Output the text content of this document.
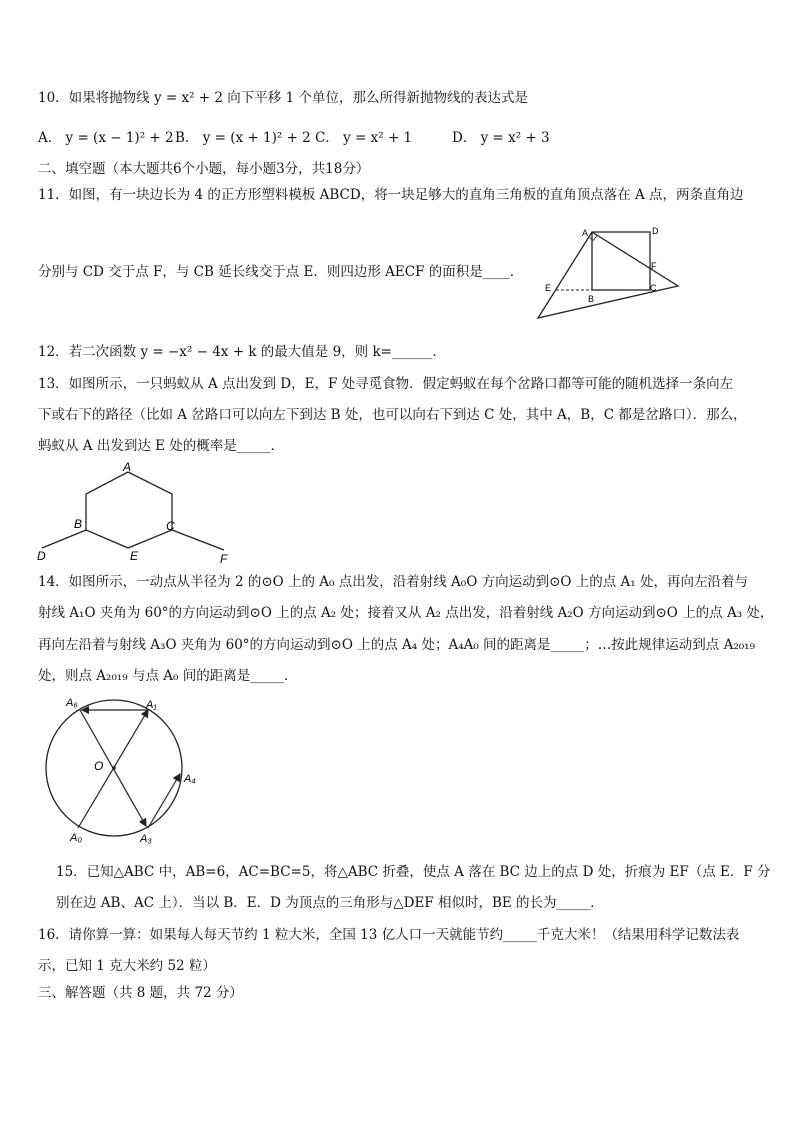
10．如果将抛物线 y = x² + 2 向下平移 1 个单位，那么所得新抛物线的表达式是
A． y = (x − 1)² + 2 B． y = (x + 1)² + 2 C． y = x² + 1	D． y = x² + 3
二、填空题（本大题共6个小题，每小题3分，共18分）
11．如图，有一块边长为 4 的正方形塑料模板 ABCD，将一块足够大的直角三角板的直角顶点落在 A 点，两条直角边
分别与 CD 交于点 F，与 CB 延长线交于点 E．则四边形 AECF 的面积是____．
A	D
F
C
B
E
12．若二次函数 y = −x² − 4x + k 的最大值是 9，则 k=______．
13．如图所示，一只蚂蚁从 A 点出发到 D，E，F 处寻觅食物．假定蚂蚁在每个岔路口都等可能的随机选择一条向左
下或右下的路径（比如 A 岔路口可以向左下到达 B 处，也可以向右下到达 C 处，其中 A，B，C 都是岔路口）．那么，
蚂蚁从 A 出发到达 E 处的概率是_____．
A
B	C
D	E	F
14．如图所示，一动点从半径为 2 的⊙O 上的 A₀ 点出发，沿着射线 A₀O 方向运动到⊙O 上的点 A₁ 处，再向左沿着与
射线 A₁O 夹角为 60°的方向运动到⊙O 上的点 A₂ 处；接着又从 A₂ 点出发，沿着射线 A₂O 方向运动到⊙O 上的点 A₃ 处，
再向左沿着与射线 A₃O 夹角为 60°的方向运动到⊙O 上的点 A₄ 处；A₄A₀ 间的距离是_____；…按此规律运动到点 A₂₀₁₉
处，则点 A₂₀₁₉ 与点 A₀ 间的距离是_____．
O
A₆	A₁
A₄
A₀	A₃
15．已知△ABC 中，AB=6，AC=BC=5，将△ABC 折叠，使点 A 落在 BC 边上的点 D 处，折痕为 EF（点 E．F 分
别在边 AB、AC 上）．当以 B．E．D 为顶点的三角形与△DEF 相似时，BE 的长为_____．
16．请你算一算：如果每人每天节约 1 粒大米，全国 13 亿人口一天就能节约_____千克大米！（结果用科学记数法表
示，已知 1 克大米约 52 粒）
三、解答题（共 8 题，共 72 分）
